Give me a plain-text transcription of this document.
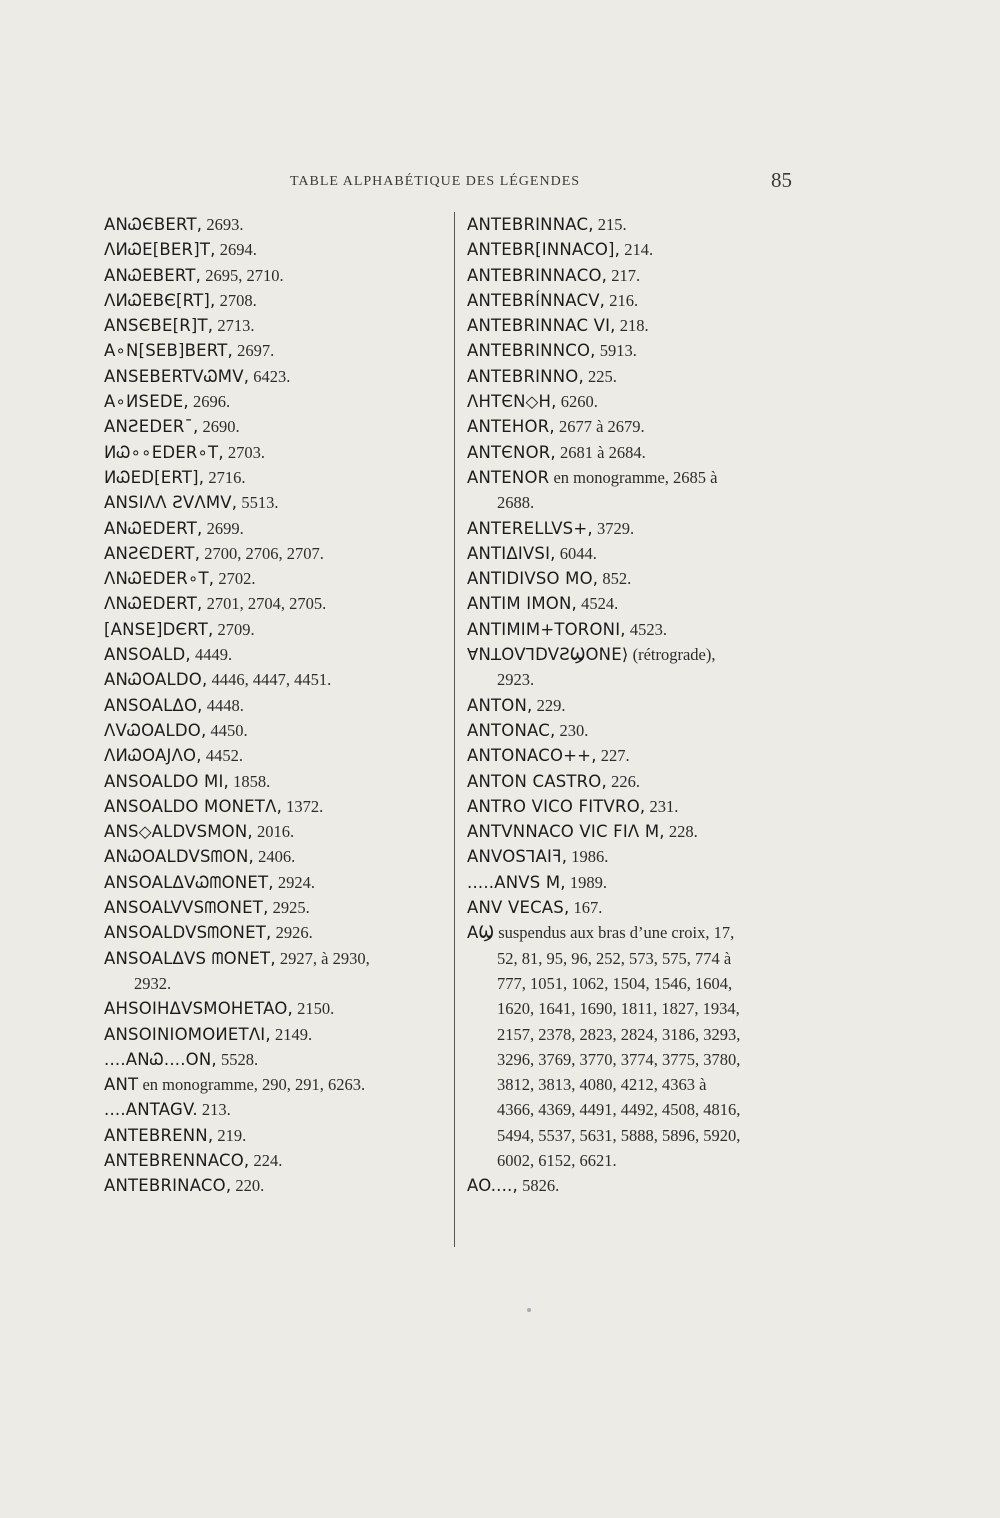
TABLE ALPHABÉTIQUE DES LÉGENDES	85
ANᏇЄBERT, 2693.
ΛИᏇE[BER]T, 2694.
ANᏇEBERT, 2695, 2710.
ΛИᏇEBЄ[RT], 2708.
ANSЄBE[R]T, 2713.
A∘N[SEB]BERT, 2697.
ANSEBERTVᏇMV, 6423.
A∘ИSEDE, 2696.
ANƧEDER¯, 2690.
ИᏇ∘∘EDER∘T, 2703.
ИᏇED[ERT], 2716.
ANSIΛΛ ƧVΛMV, 5513.
ANᏇEDERT, 2699.
ANƧЄDERT, 2700, 2706, 2707.
ΛNᏇEDER∘T, 2702.
ΛNᏇEDERT, 2701, 2704, 2705.
[ANSE]DЄRT, 2709.
ANSOALD, 4449.
ANᏇOALDO, 4446, 4447, 4451.
ANSOALΔO, 4448.
ΛVᏇOALDO, 4450.
ΛИᏇOAJΛO, 4452.
ANSOALDO MI, 1858.
ANSOALDO MONETΛ, 1372.
ANS◇ALDVSMON, 2016.
ANᏇOALDVSᗰON, 2406.
ANSOALΔVᏇᗰONET, 2924.
ANSOALVVSᗰONET, 2925.
ANSOALDVSᗰONET, 2926.
ANSOALΔVS ᗰONET, 2927, à 2930,
2932.
AHSOIHΔVSMOHETAO, 2150.
ANSOINIOMOИETΛI, 2149.
....ANᏇ....ON, 5528.
ANT en monogramme, 290, 291, 6263.
....ANTAGV. 213.
ANTEBRENN, 219.
ANTEBRENNACO, 224.
ANTEBRINACO, 220.
ANTEBRINNAC, 215.
ANTEBR[INNACO], 214.
ANTEBRINNAⅭO, 217.
ANTEBRÍNNACV, 216.
ANTEBRINNAC VI, 218.
ANTEBRINNⅭO, 5913.
ANTEBRINNO, 225.
ΛHTЄN◇H, 6260.
ANTEHOR, 2677 à 2679.
ANTЄNOR, 2681 à 2684.
ANTENOR en monogramme, 2685 à
2688.
ANTERELLVS+, 3729.
ANTIΔIVSI, 6044.
ANTIDIVSO MO, 852.
ANTIM IMON, 4524.
ANTIMIM+TORONI, 4523.
ꓯNꓕOVꓶDVƧϢONE⟩ (rétrograde),
2923.
ANTON, 229.
ANTONAC, 230.
ANTONACO++, 227.
ANTON CASTRO, 226.
ANTRO VICO FITVRO, 231.
ANTVNNACO VIC FIΛ M, 228.
ANVOSꓶAIꟻ, 1986.
.....ANVS M, 1989.
ANV VECAS, 167.
AϢ suspendus aux bras d’une croix, 17,
52, 81, 95, 96, 252, 573, 575, 774 à
777, 1051, 1062, 1504, 1546, 1604,
1620, 1641, 1690, 1811, 1827, 1934,
2157, 2378, 2823, 2824, 3186, 3293,
3296, 3769, 3770, 3774, 3775, 3780,
3812, 3813, 4080, 4212, 4363 à
4366, 4369, 4491, 4492, 4508, 4816,
5494, 5537, 5631, 5888, 5896, 5920,
6002, 6152, 6621.
AO...., 5826.
